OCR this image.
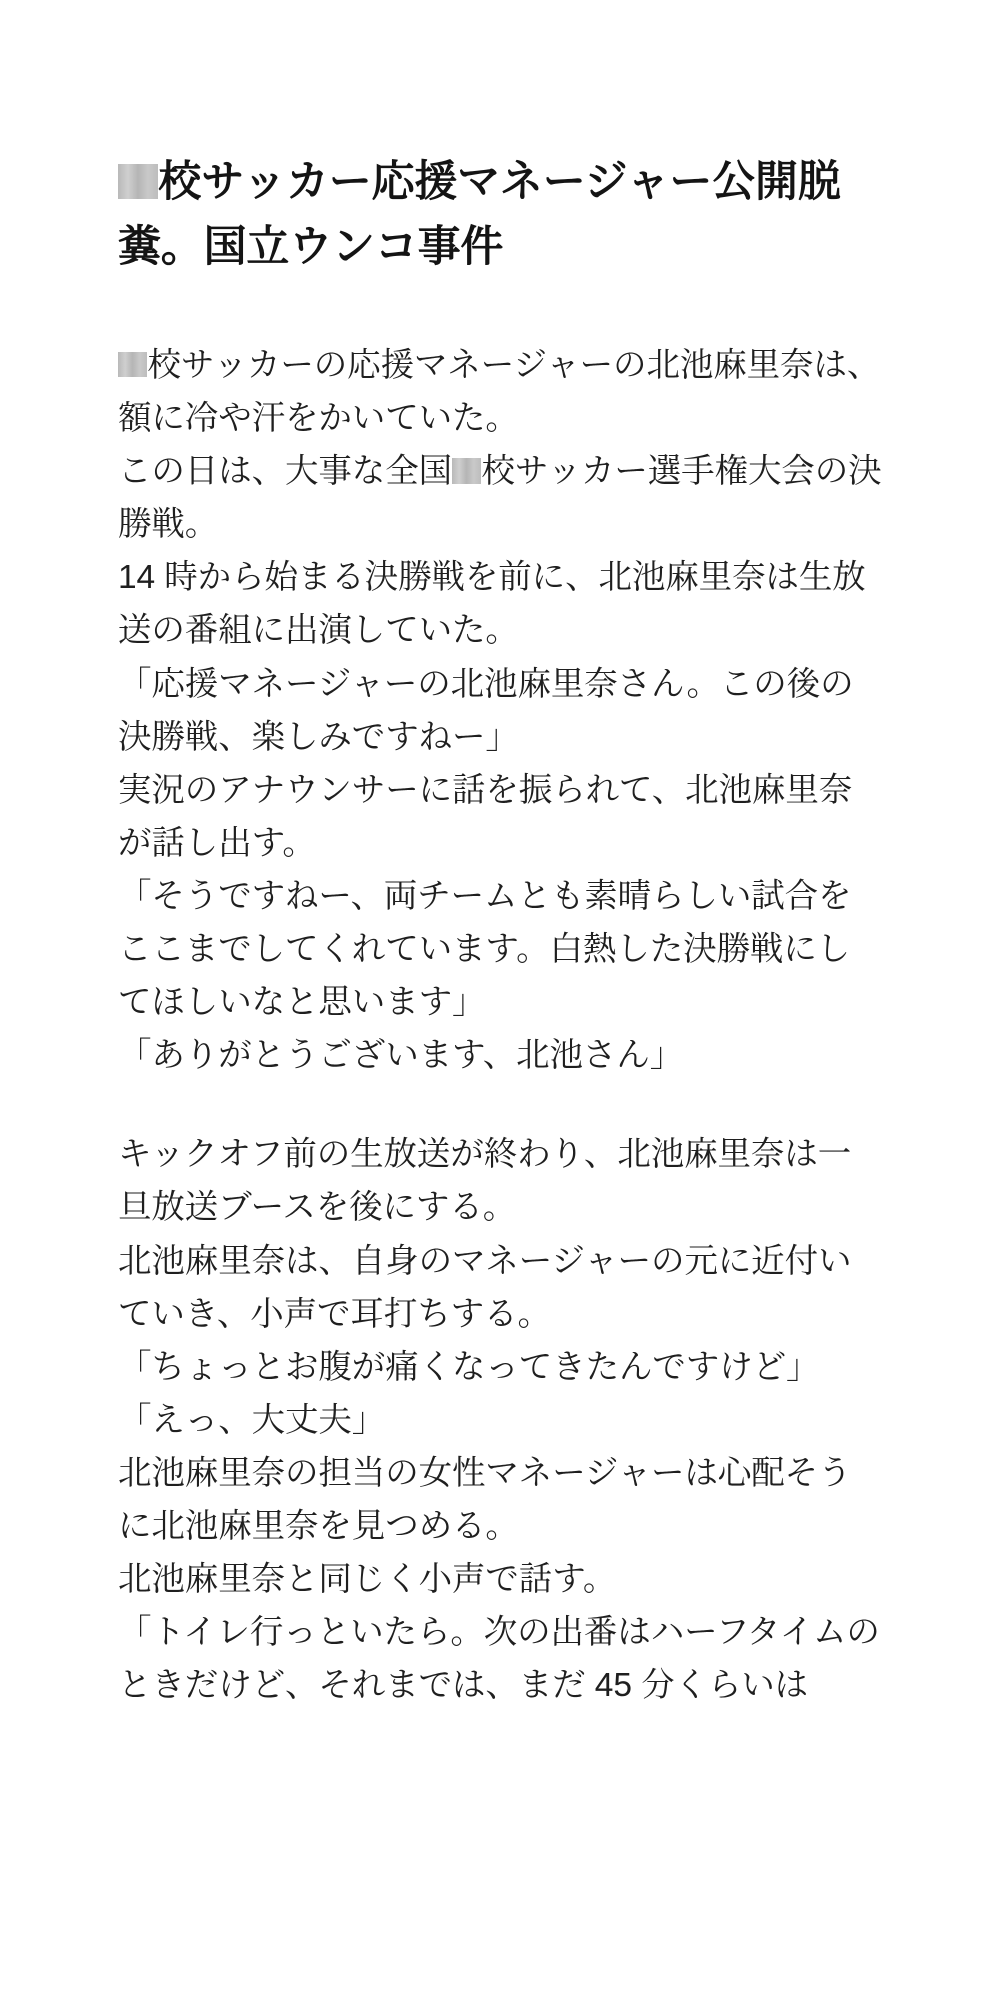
校サッカー応援マネージャー公開脱糞。国立ウンコ事件

校サッカーの応援マネージャーの北池麻里奈は、額に冷や汗をかいていた。

この日は、大事な全国 校サッカー選手権大会の決勝戦。

14 時から始まる決勝戦を前に、北池麻里奈は生放送の番組に出演していた。

「応援マネージャーの北池麻里奈さん。この後の決勝戦、楽しみですねー」

実況のアナウンサーに話を振られて、北池麻里奈が話し出す。

「そうですねー、両チームとも素晴らしい試合をここまでしてくれています。白熱した決勝戦にしてほしいなと思います」

「ありがとうございます、北池さん」

キックオフ前の生放送が終わり、北池麻里奈は一旦放送ブースを後にする。

北池麻里奈は、自身のマネージャーの元に近付いていき、小声で耳打ちする。

「ちょっとお腹が痛くなってきたんですけど」

「えっ、大丈夫」

北池麻里奈の担当の女性マネージャーは心配そうに北池麻里奈を見つめる。

北池麻里奈と同じく小声で話す。

「トイレ行っといたら。次の出番はハーフタイムのときだけど、それまでは、まだ 45 分くらいは
